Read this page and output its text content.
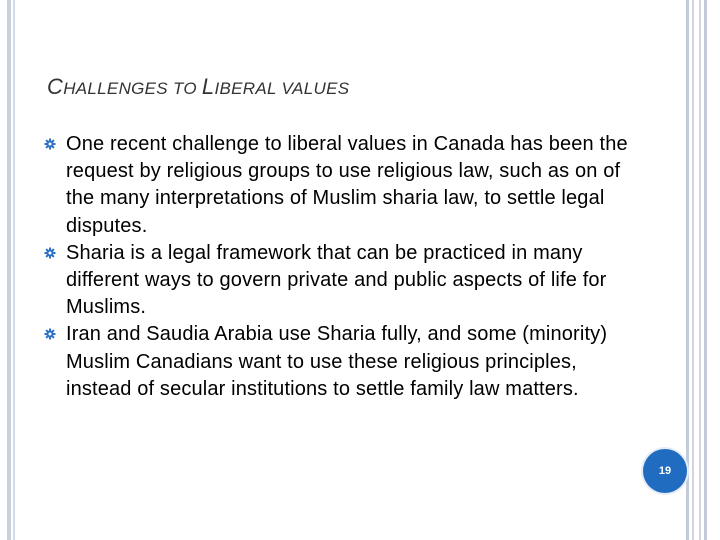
CHALLENGES TO LIBERAL VALUES
One recent challenge to liberal values in Canada has been the request by religious groups to use religious law, such as on of the many interpretations of Muslim sharia law, to settle legal disputes.
Sharia is a legal framework that can be practiced in many different ways to govern private and public aspects of life for Muslims.
Iran and Saudia Arabia use Sharia fully, and some (minority) Muslim Canadians want to use these religious principles, instead of secular institutions to settle family law matters.
19
